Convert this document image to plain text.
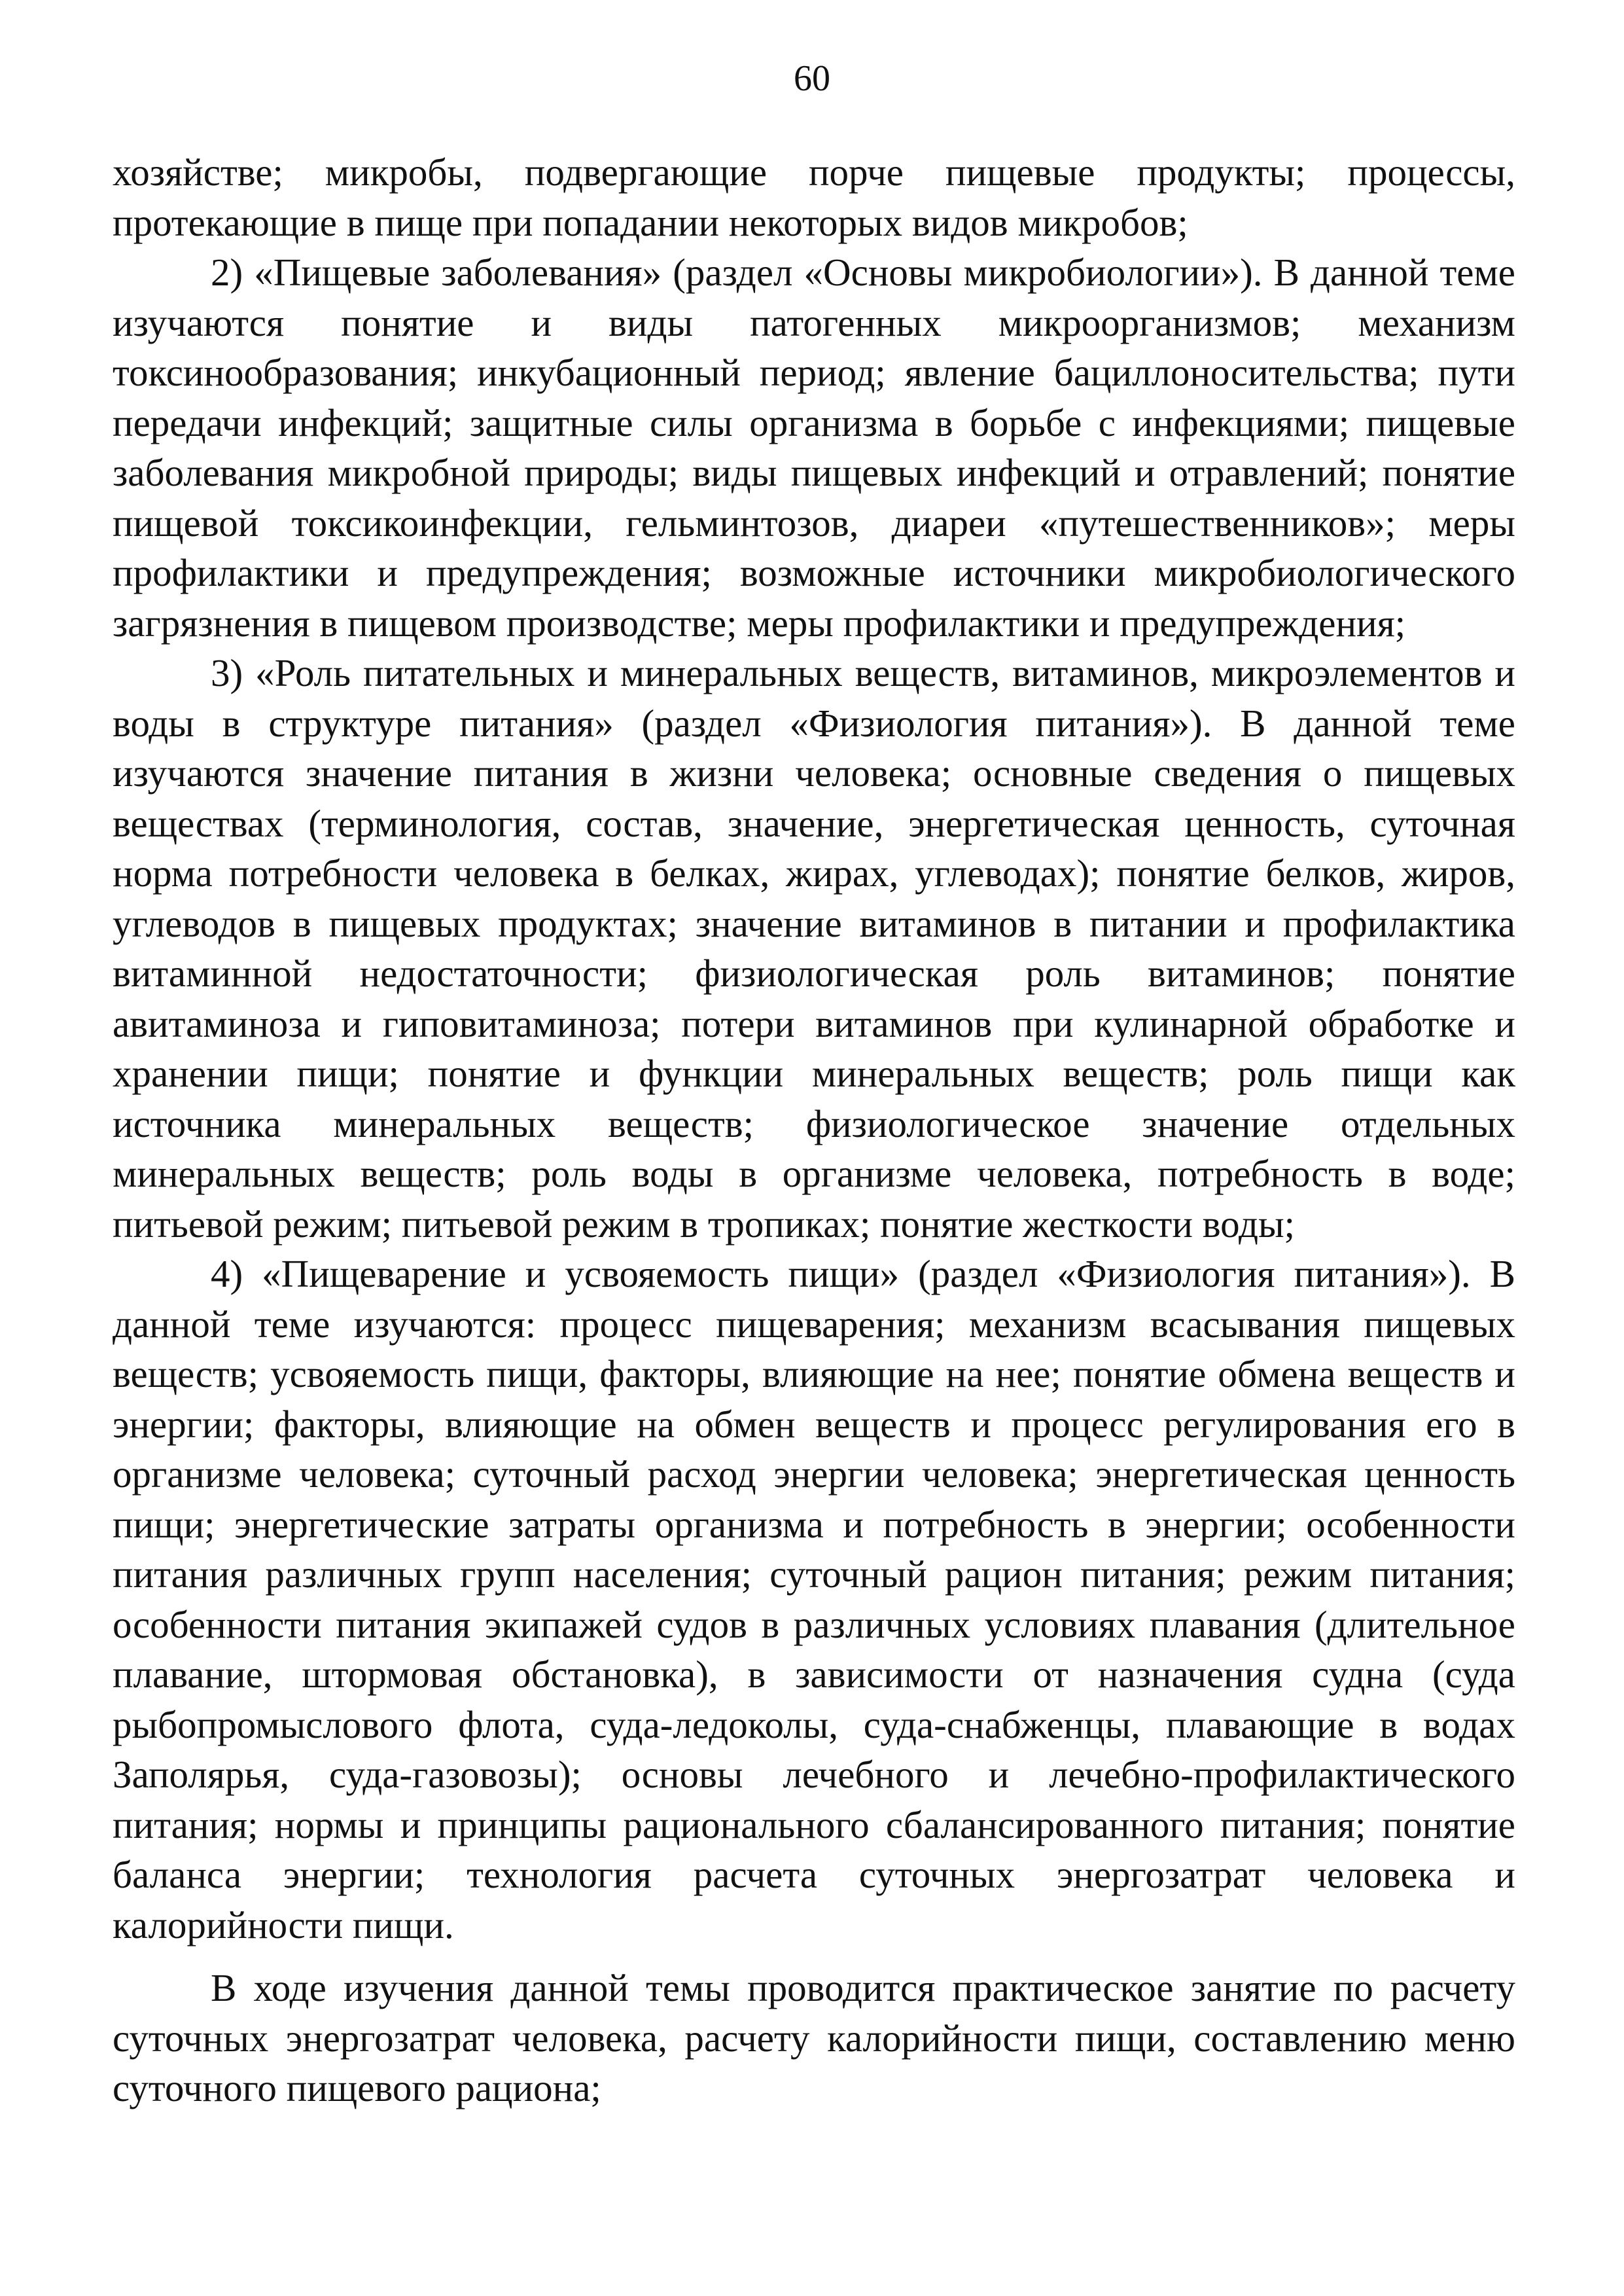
60

хозяйстве; микробы, подвергающие порче пищевые продукты; процессы, протекающие в пище при попадании некоторых видов микробов;

2) «Пищевые заболевания» (раздел «Основы микробиологии»). В данной теме изучаются понятие и виды патогенных микроорганизмов; механизм токсинообразования; инкубационный период; явление бациллоносительства; пути передачи инфекций; защитные силы организма в борьбе с инфекциями; пищевые заболевания микробной природы; виды пищевых инфекций и отравлений; понятие пищевой токсикоинфекции, гельминтозов, диареи «путешественников»; меры профилактики и предупреждения; возможные источники микробиологического загрязнения в пищевом производстве; меры профилактики и предупреждения;

3) «Роль питательных и минеральных веществ, витаминов, микроэлементов и воды в структуре питания» (раздел «Физиология питания»). В данной теме изучаются значение питания в жизни человека; основные сведения о пищевых веществах (терминология, состав, значение, энергетическая ценность, суточная норма потребности человека в белках, жирах, углеводах); понятие белков, жиров, углеводов в пищевых продуктах; значение витаминов в питании и профилактика витаминной недостаточности; физиологическая роль витаминов; понятие авитаминоза и гиповитаминоза; потери витаминов при кулинарной обработке и хранении пищи; понятие и функции минеральных веществ; роль пищи как источника минеральных веществ; физиологическое значение отдельных минеральных веществ; роль воды в организме человека, потребность в воде; питьевой режим; питьевой режим в тропиках; понятие жесткости воды;

4) «Пищеварение и усвояемость пищи» (раздел «Физиология питания»). В данной теме изучаются: процесс пищеварения; механизм всасывания пищевых веществ; усвояемость пищи, факторы, влияющие на нее; понятие обмена веществ и энергии; факторы, влияющие на обмен веществ и процесс регулирования его в организме человека; суточный расход энергии человека; энергетическая ценность пищи; энергетические затраты организма и потребность в энергии; особенности питания различных групп населения; суточный рацион питания; режим питания; особенности питания экипажей судов в различных условиях плавания (длительное плавание, штормовая обстановка), в зависимости от назначения судна (суда рыбопромыслового флота, суда-ледоколы, суда-снабженцы, плавающие в водах Заполярья, суда-газовозы); основы лечебного и лечебно-профилактического питания; нормы и принципы рационального сбалансированного питания; понятие баланса энергии; технология расчета суточных энергозатрат человека и калорийности пищи.

В ходе изучения данной темы проводится практическое занятие по расчету суточных энергозатрат человека, расчету калорийности пищи, составлению меню суточного пищевого рациона;
